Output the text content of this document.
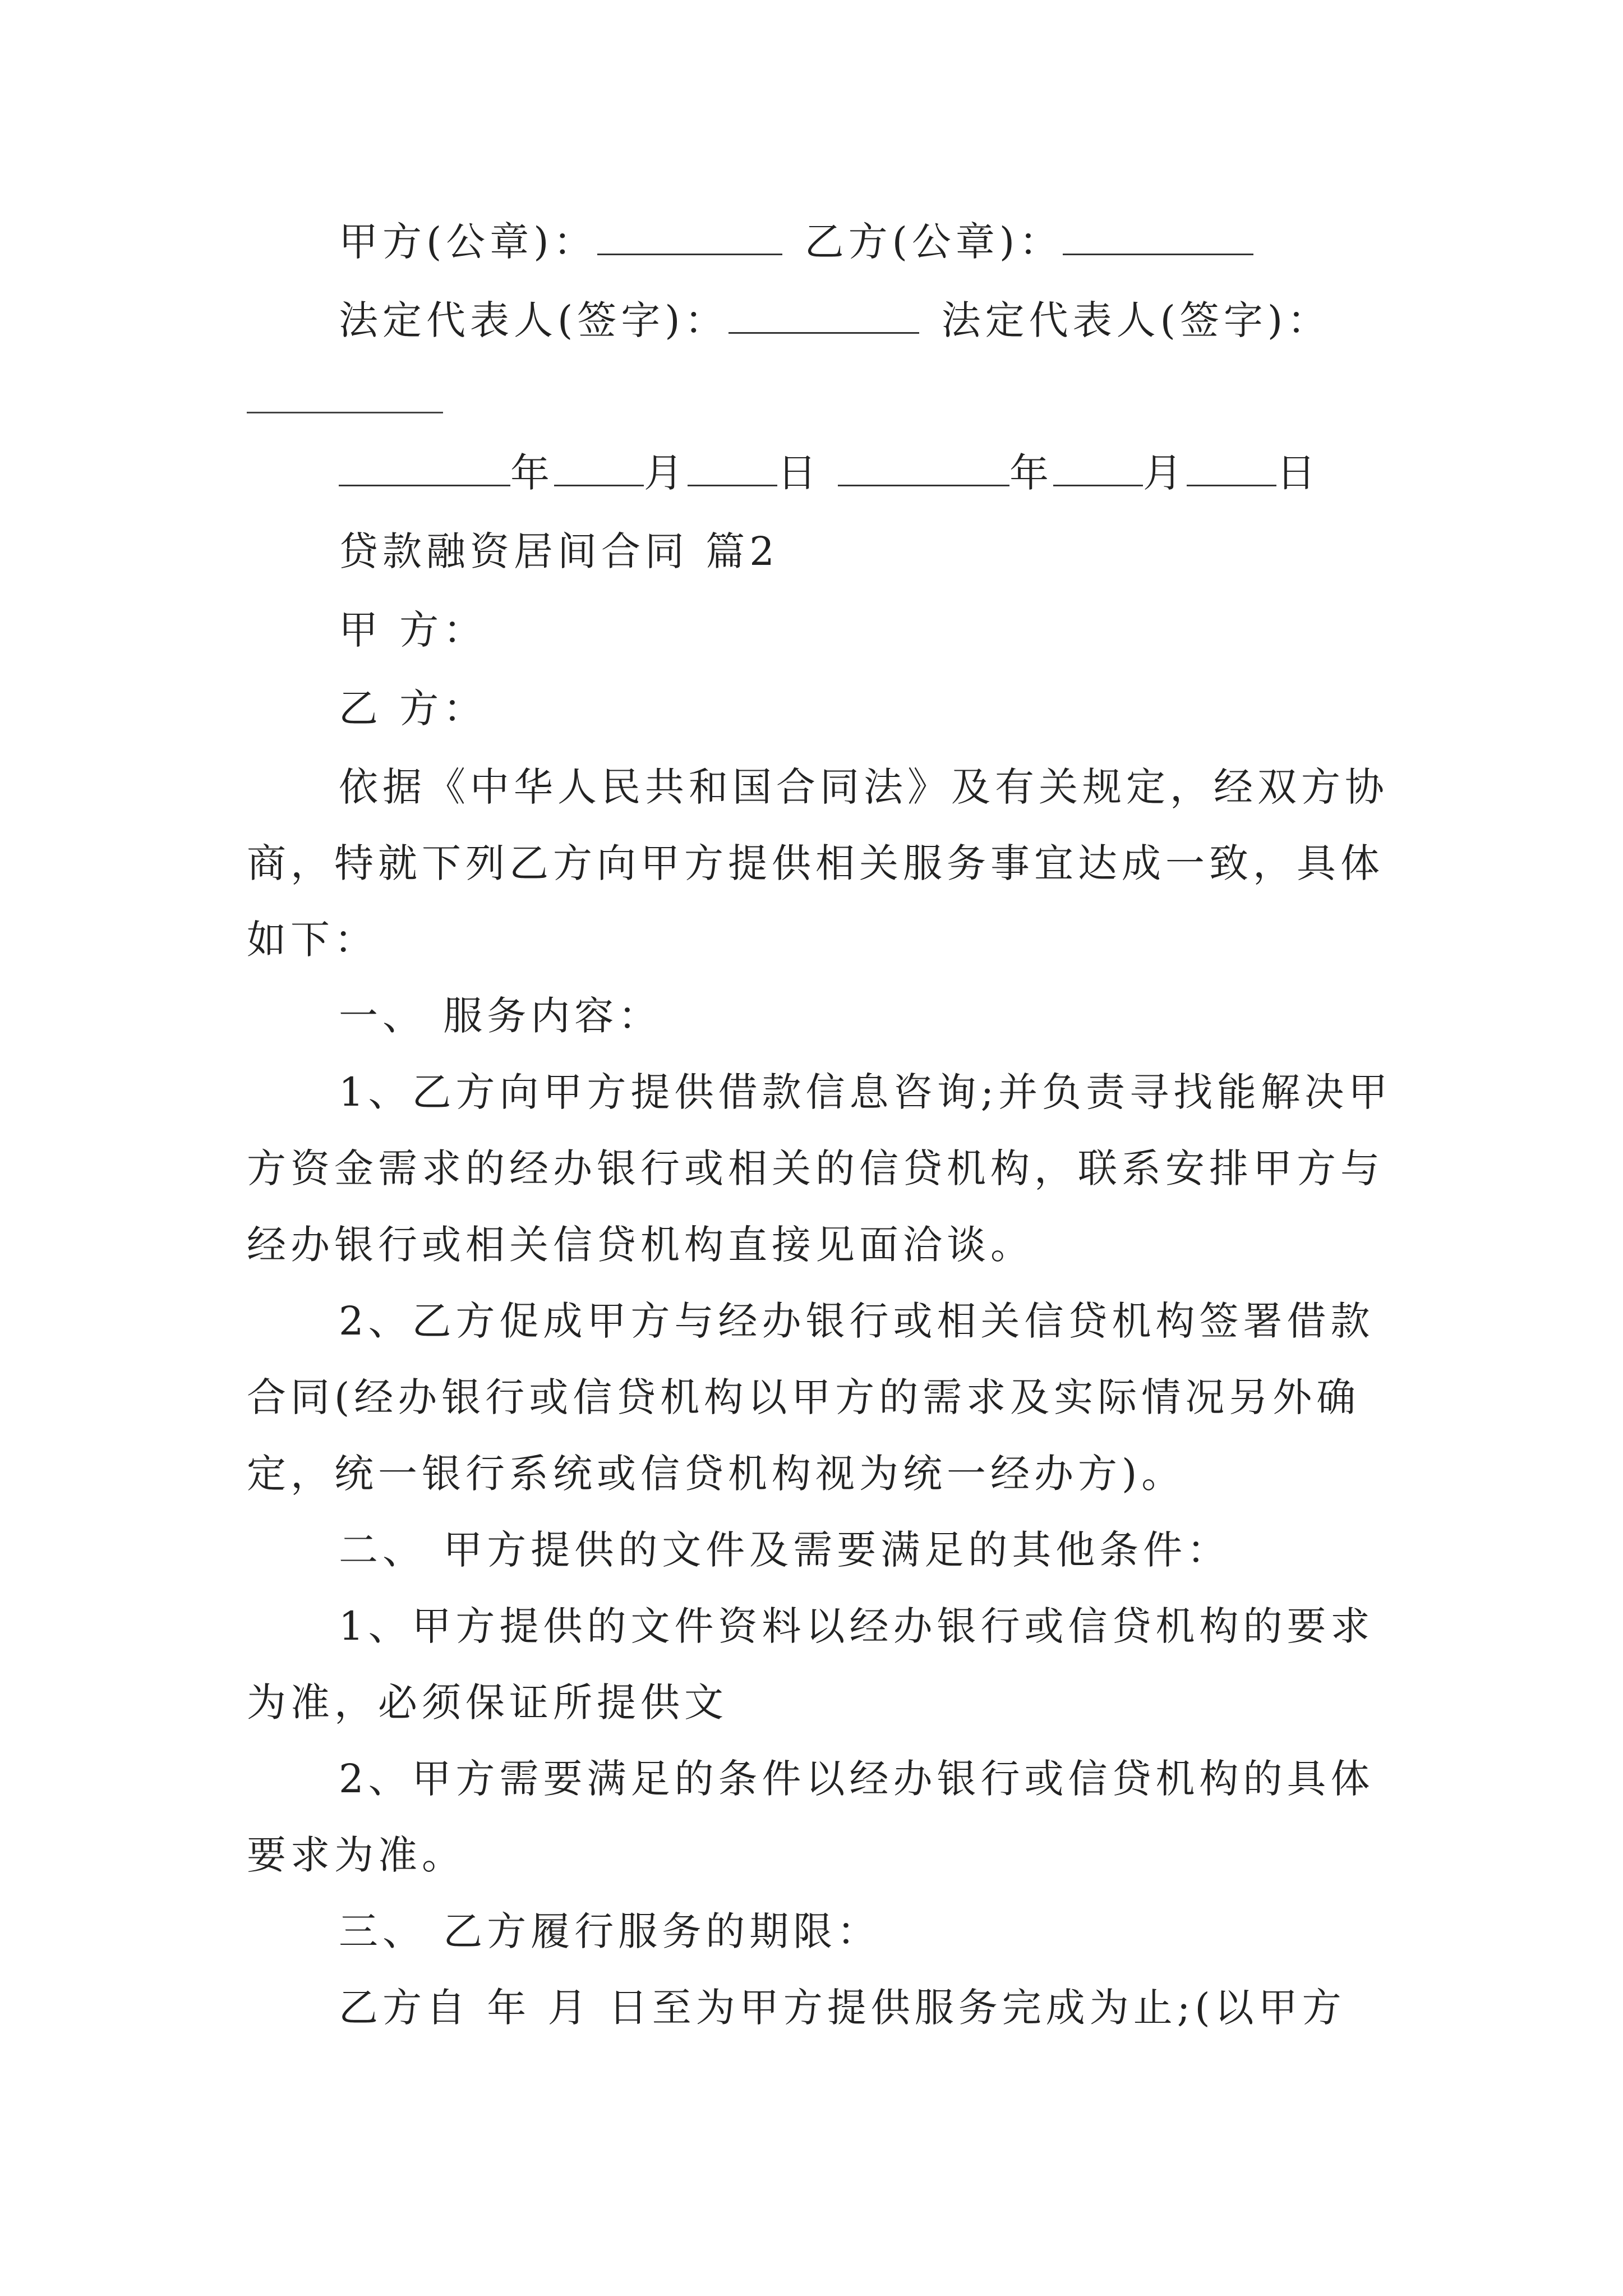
甲方(公章)：	乙方(公章)：
法定代表人(签字)：	法定代表人(签字)：
年 月 日	年 月 日
贷款融资居间合同 篇2
甲 方：
乙 方：
依据《中华人民共和国合同法》及有关规定，经双方协
商，特就下列乙方向甲方提供相关服务事宜达成一致，具体
如下：
一、 服务内容：
1、乙方向甲方提供借款信息咨询;并负责寻找能解决甲
方资金需求的经办银行或相关的信贷机构，联系安排甲方与
经办银行或相关信贷机构直接见面洽谈。
2、乙方促成甲方与经办银行或相关信贷机构签署借款
合同(经办银行或信贷机构以甲方的需求及实际情况另外确
定，统一银行系统或信贷机构视为统一经办方)。
二、 甲方提供的文件及需要满足的其他条件：
1、甲方提供的文件资料以经办银行或信贷机构的要求
为准，必须保证所提供文
2、甲方需要满足的条件以经办银行或信贷机构的具体
要求为准。
三、 乙方履行服务的期限：
乙方自 年 月 日至为甲方提供服务完成为止;(以甲方
